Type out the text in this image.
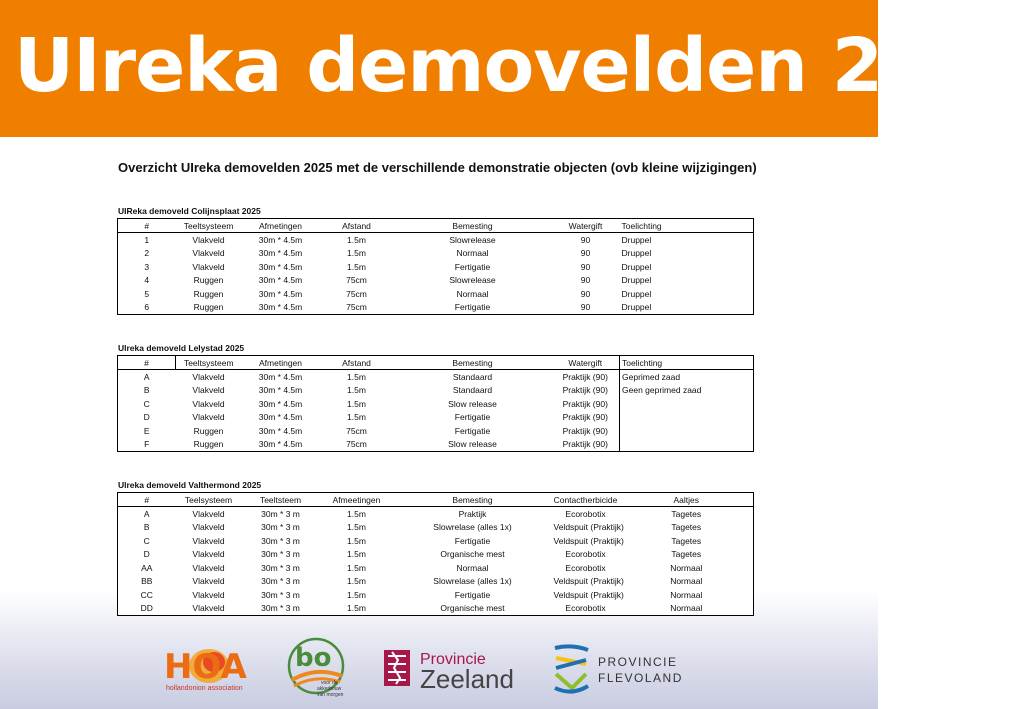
UIreka demovelden 2025
Overzicht UIreka demovelden 2025 met de verschillende demonstratie objecten (ovb kleine wijzigingen)
UIReka demoveld Colijnsplaat 2025
#	Teeltsysteem	Afmetingen	Afstand	Bemesting	Watergift	Toelichting
1	Vlakveld	30m * 4.5m	1.5m	Slowrelease	90	Druppel
2	Vlakveld	30m * 4.5m	1.5m	Normaal	90	Druppel
3	Vlakveld	30m * 4.5m	1.5m	Fertigatie	90	Druppel
4	Ruggen	30m * 4.5m	75cm	Slowrelease	90	Druppel
5	Ruggen	30m * 4.5m	75cm	Normaal	90	Druppel
6	Ruggen	30m * 4.5m	75cm	Fertigatie	90	Druppel
Ulreka demoveld Lelystad 2025
#	Teeltsysteem	Afmetingen	Afstand	Bemesting	Watergift	Toelichting
A	Vlakveld	30m * 4.5m	1.5m	Standaard	Praktijk (90)	Geprimed zaad
B	Vlakveld	30m * 4.5m	1.5m	Standaard	Praktijk (90)	Geen geprimed zaad
C	Vlakveld	30m * 4.5m	1.5m	Slow release	Praktijk (90)	
D	Vlakveld	30m * 4.5m	1.5m	Fertigatie	Praktijk (90)	
E	Ruggen	30m * 4.5m	75cm	Fertigatie	Praktijk (90)	
F	Ruggen	30m * 4.5m	75cm	Slow release	Praktijk (90)	
Ulreka demoveld Valthermond 2025
#	Teelsysteem	Teeltsteem	Afmeetingen	Bemesting	Contactherbicide	Aaltjes
A	Vlakveld	30m * 3 m	1.5m	Praktijk	Ecorobotix	Tagetes
B	Vlakveld	30m * 3 m	1.5m	Slowrelase (alles 1x)	Veldspuit (Praktijk)	Tagetes
C	Vlakveld	30m * 3 m	1.5m	Fertigatie	Veldspuit (Praktijk)	Tagetes
D	Vlakveld	30m * 3 m	1.5m	Organische mest	Ecorobotix	Tagetes
AA	Vlakveld	30m * 3 m	1.5m	Normaal	Ecorobotix	Normaal
BB	Vlakveld	30m * 3 m	1.5m	Slowrelase (alles 1x)	Veldspuit (Praktijk)	Normaal
CC	Vlakveld	30m * 3 m	1.5m	Fertigatie	Veldspuit (Praktijk)	Normaal
DD	Vlakveld	30m * 3 m	1.5m	Organische mest	Ecorobotix	Normaal
HOA
hollandonion association
bo
voor de
akkerbouw
van morgen
Provincie
Zeeland
PROVINCIE
FLEVOLAND
